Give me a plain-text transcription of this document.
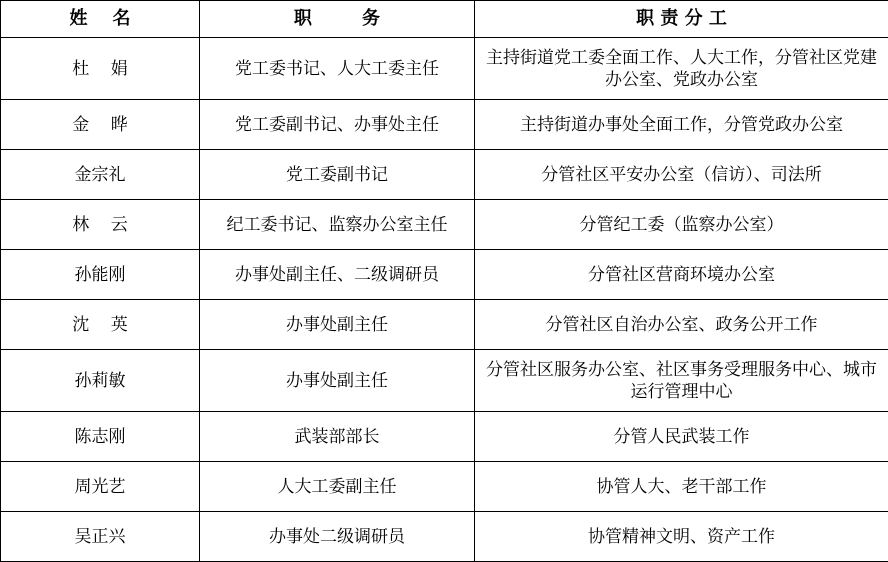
姓    名	职        务	职 责 分 工
杜    娟	党工委书记、人大工委主任	主持街道党工委全面工作、人大工作，分管社区党建办公室、党政办公室
金    晔	党工委副书记、办事处主任	主持街道办事处全面工作，分管党政办公室
金宗礼	党工委副书记	分管社区平安办公室（信访）、司法所
林    云	纪工委书记、监察办公室主任	分管纪工委（监察办公室）
孙能刚	办事处副主任、二级调研员	分管社区营商环境办公室
沈    英	办事处副主任	分管社区自治办公室、政务公开工作
孙莉敏	办事处副主任	分管社区服务办公室、社区事务受理服务中心、城市运行管理中心
陈志刚	武装部部长	分管人民武装工作
周光艺	人大工委副主任	协管人大、老干部工作
吴正兴	办事处二级调研员	协管精神文明、资产工作
